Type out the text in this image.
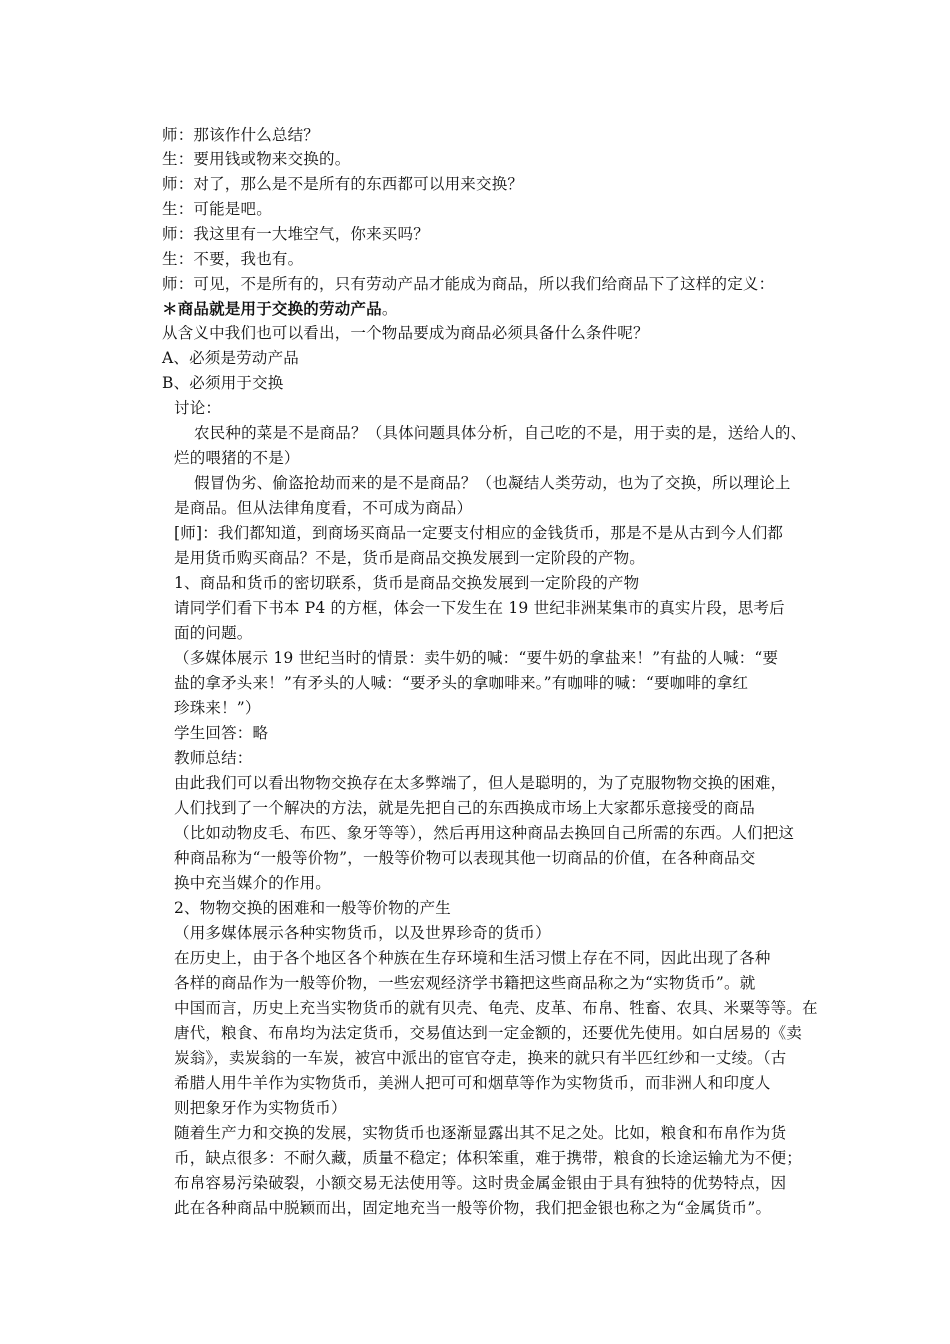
师：那该作什么总结？
生：要用钱或物来交换的。
师：对了，那么是不是所有的东西都可以用来交换？
生：可能是吧。
师：我这里有一大堆空气，你来买吗？
生：不要，我也有。
师：可见，不是所有的，只有劳动产品才能成为商品，所以我们给商品下了这样的定义：
＊商品就是用于交换的劳动产品。
从含义中我们也可以看出，一个物品要成为商品必须具备什么条件呢？
A、必须是劳动产品
B、必须用于交换
讨论：
农民种的菜是不是商品？（具体问题具体分析，自己吃的不是，用于卖的是，送给人的、
烂的喂猪的不是）
假冒伪劣、偷盗抢劫而来的是不是商品？（也凝结人类劳动，也为了交换，所以理论上
是商品。但从法律角度看，不可成为商品）
[师]：我们都知道，到商场买商品一定要支付相应的金钱货币，那是不是从古到今人们都
是用货币购买商品？不是，货币是商品交换发展到一定阶段的产物。
1、商品和货币的密切联系，货币是商品交换发展到一定阶段的产物
请同学们看下书本 P4 的方框，体会一下发生在 19 世纪非洲某集市的真实片段，思考后
面的问题。
（多媒体展示 19 世纪当时的情景：卖牛奶的喊：“要牛奶的拿盐来！”有盐的人喊：“要
盐的拿矛头来！”有矛头的人喊：“要矛头的拿咖啡来。”有咖啡的喊：“要咖啡的拿红
珍珠来！”）
学生回答：略
教师总结：
由此我们可以看出物物交换存在太多弊端了，但人是聪明的，为了克服物物交换的困难，
人们找到了一个解决的方法，就是先把自己的东西换成市场上大家都乐意接受的商品
（比如动物皮毛、布匹、象牙等等），然后再用这种商品去换回自己所需的东西。人们把这
种商品称为“一般等价物”，一般等价物可以表现其他一切商品的价值，在各种商品交
换中充当媒介的作用。
2、物物交换的困难和一般等价物的产生
（用多媒体展示各种实物货币，以及世界珍奇的货币）
在历史上，由于各个地区各个种族在生存环境和生活习惯上存在不同，因此出现了各种
各样的商品作为一般等价物，一些宏观经济学书籍把这些商品称之为“实物货币”。就
中国而言，历史上充当实物货币的就有贝壳、龟壳、皮革、布帛、牲畜、农具、米粟等等。在
唐代，粮食、布帛均为法定货币，交易值达到一定金额的，还要优先使用。如白居易的《卖
炭翁》，卖炭翁的一车炭，被宫中派出的宦官夺走，换来的就只有半匹红纱和一丈绫。（古
希腊人用牛羊作为实物货币，美洲人把可可和烟草等作为实物货币，而非洲人和印度人
则把象牙作为实物货币）
随着生产力和交换的发展，实物货币也逐渐显露出其不足之处。比如，粮食和布帛作为货
币，缺点很多：不耐久藏，质量不稳定；体积笨重，难于携带，粮食的长途运输尤为不便；
布帛容易污染破裂，小额交易无法使用等。这时贵金属金银由于具有独特的优势特点，因
此在各种商品中脱颖而出，固定地充当一般等价物，我们把金银也称之为“金属货币”。
